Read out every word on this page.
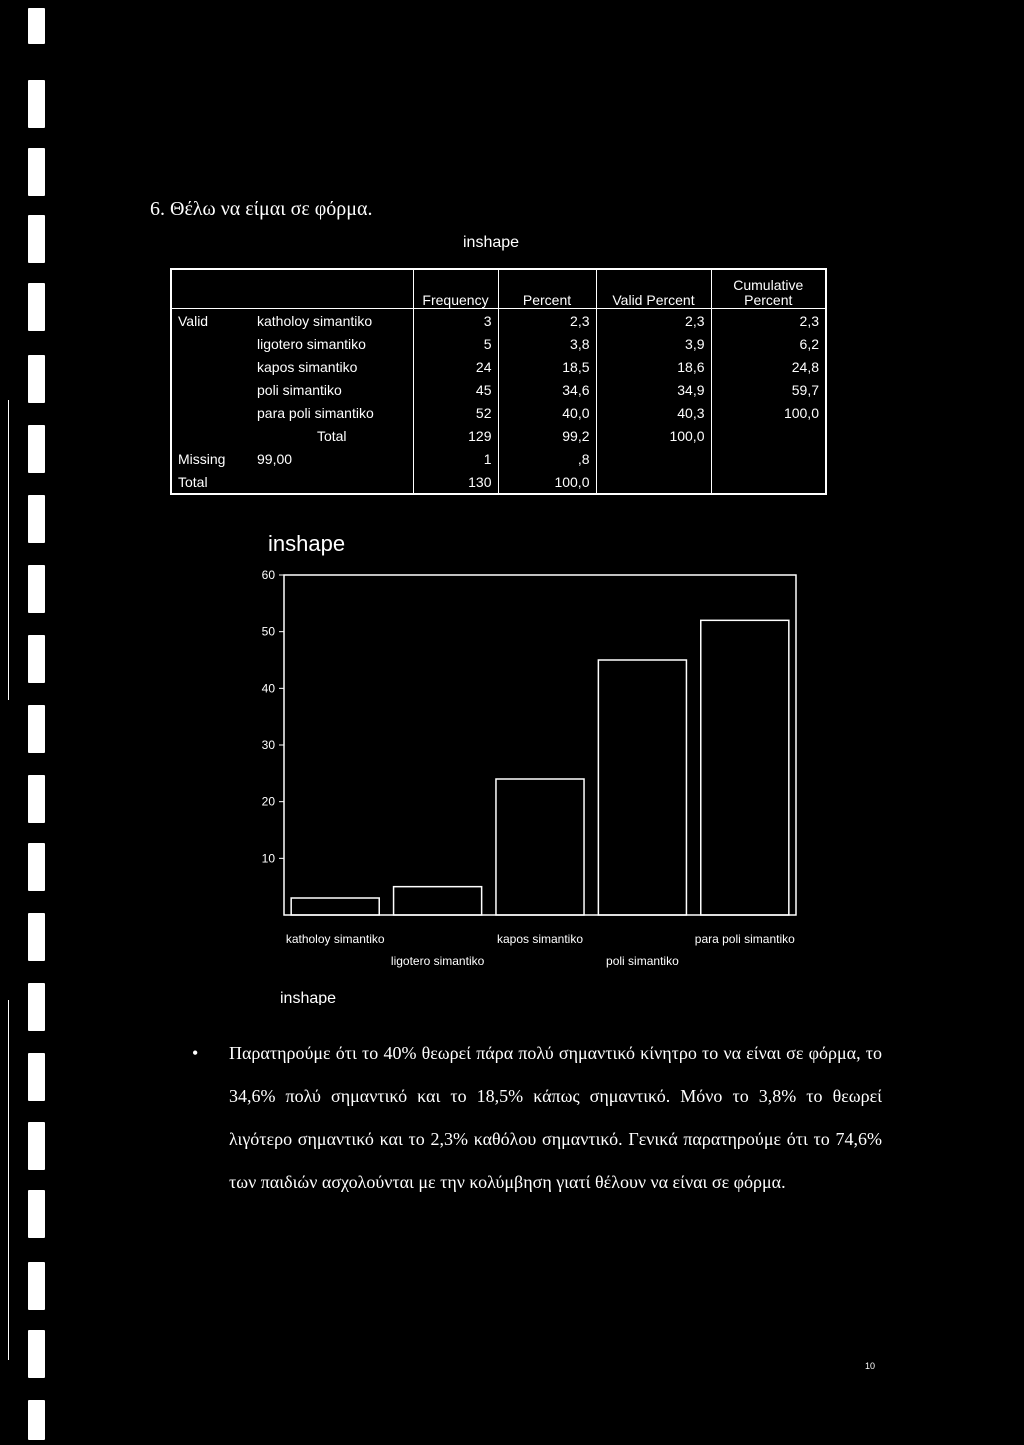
6. Θέλω να είμαι σε φόρμα.
inshape
		Frequency	Percent	Valid Percent	Cumulative
Percent
Valid	katholoy simantiko	3	2,3	2,3	2,3
	ligotero simantiko	5	3,8	3,9	6,2
	kapos simantiko	24	18,5	18,6	24,8
	poli simantiko	45	34,6	34,9	59,7
	para poli simantiko	52	40,0	40,3	100,0
	Total	129	99,2	100,0	
Missing	99,00	1	,8		
Total		130	100,0		
inshape
inshape
10
20
30
40
50
60
katholoy simantiko
ligotero simantiko
kapos simantiko
poli simantiko
para poli simantiko
• Παρατηρούμε ότι το 40% θεωρεί πάρα πολύ σημαντικό κίνητρο το να είναι σε φόρμα, το 34,6% πολύ σημαντικό και το 18,5% κάπως σημαντικό. Μόνο το 3,8% το θεωρεί λιγότερο σημαντικό και το 2,3% καθόλου σημαντικό. Γενικά παρατηρούμε ότι το 74,6% των παιδιών ασχολούνται με την κολύμβηση γιατί θέλουν να είναι σε φόρμα.
10
